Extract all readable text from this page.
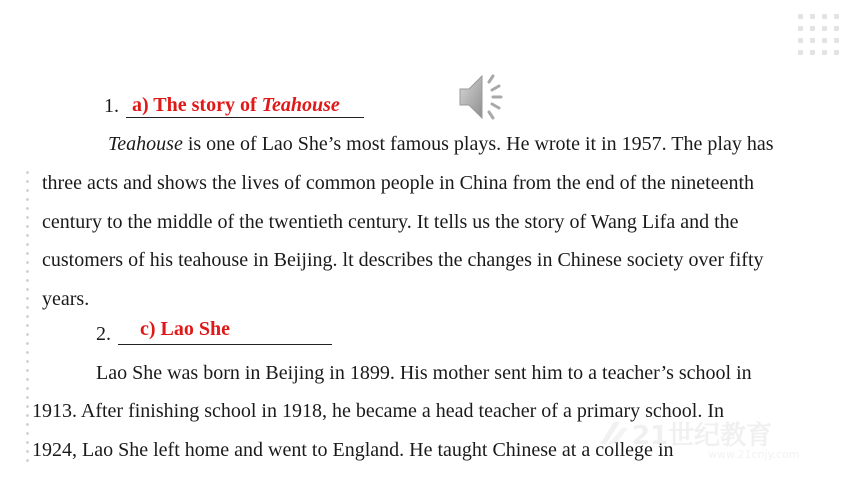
1. a) The story of Teahouse
Teahouse is one of Lao She’s most famous plays. He wrote it in 1957. The play has
three acts and shows the lives of common people in China from the end of the nineteenth
century to the middle of the twentieth century. It tells us the story of Wang Lifa and the
customers of his teahouse in Beijing. lt describes the changes in Chinese society over fifty
years.
2. c) Lao She
Lao She was born in Beijing in 1899. His mother sent him to a teacher’s school in
1913. After finishing school in 1918, he became a head teacher of a primary school. In
1924, Lao She left home and went to England. He taught Chinese at a college in
21世纪教育
www.21cnjy.com
